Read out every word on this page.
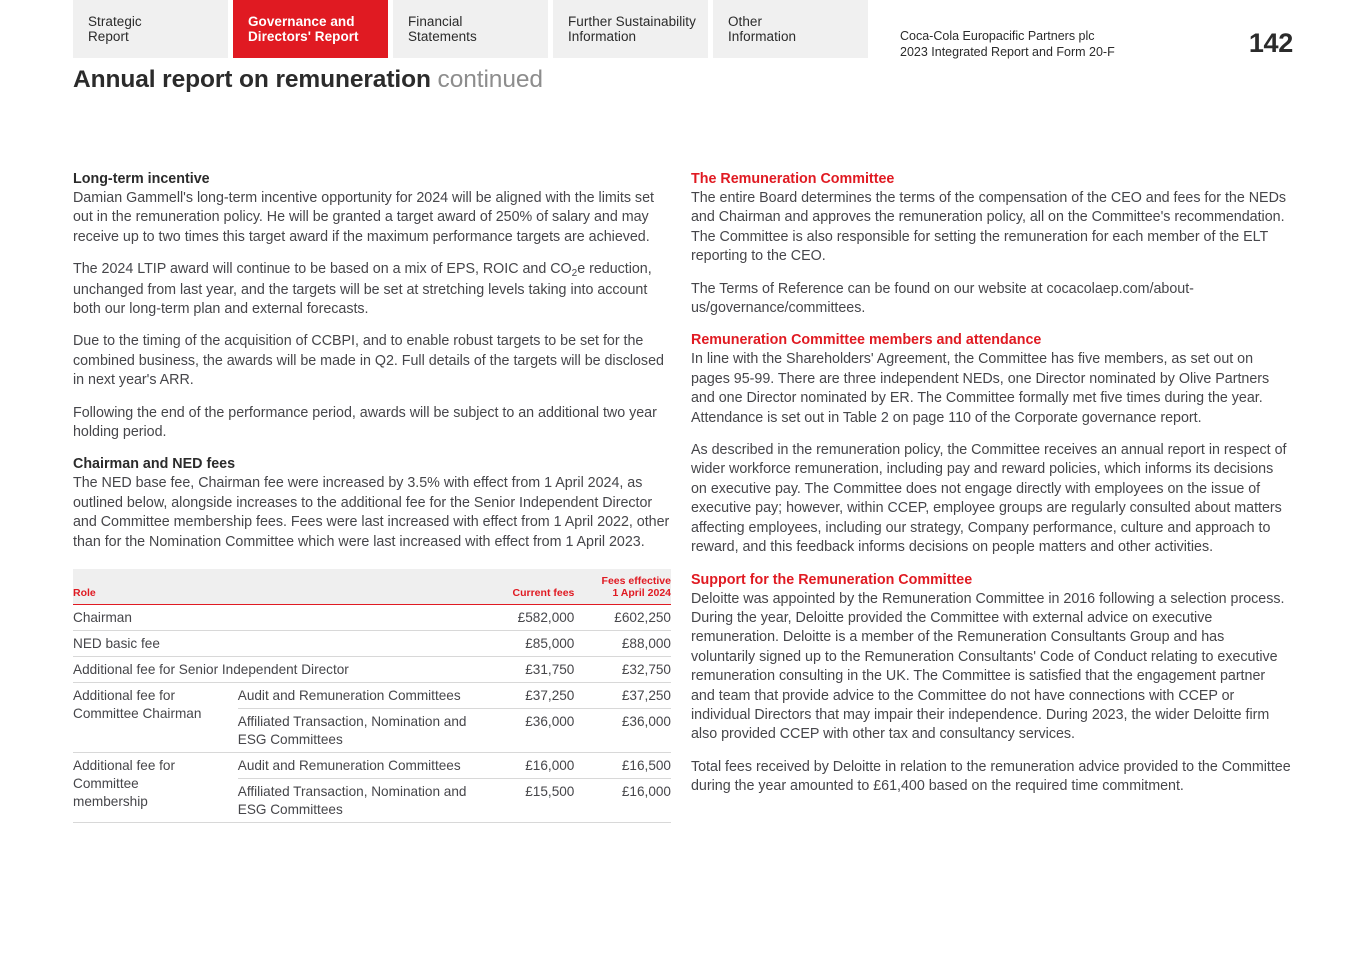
Strategic
Report
Governance and
Directors' Report
Financial
Statements
Further Sustainability
Information
Other
Information	Coca-Cola Europacific Partners plc
2023 Integrated Report and Form 20-F	142
Annual report on remuneration continued
Long-term incentive

Damian Gammell's long-term incentive opportunity for 2024 will be aligned with the limits set out in the remuneration policy. He will be granted a target award of 250% of salary and may receive up to two times this target award if the maximum performance targets are achieved.

The 2024 LTIP award will continue to be based on a mix of EPS, ROIC and $CO_2e$ reduction, unchanged from last year, and the targets will be set at stretching levels taking into account both our long-term plan and external forecasts.

Due to the timing of the acquisition of CCBPI, and to enable robust targets to be set for the combined business, the awards will be made in Q2. Full details of the targets will be disclosed in next year's ARR.

Following the end of the performance period, awards will be subject to an additional two year holding period.

Chairman and NED fees

The NED base fee, Chairman fee were increased by 3.5% with effect from 1 April 2024, as outlined below, alongside increases to the additional fee for the Senior Independent Director and Committee membership fees. Fees were last increased with effect from 1 April 2022, other than for the Nomination Committee which were last increased with effect from 1 April 2023.

Role		Current fees	Fees effective
1 April 2024

Chairman		£582,000	£602,250
NED basic fee		£85,000	£88,000
Additional fee for Senior Independent Director		£31,750	£32,750

Additional fee for
Committee Chairman	Audit and Remuneration Committees	£37,250	£37,250

	Affiliated Transaction, Nomination and
ESG Committees	£36,000	£36,000

Additional fee for
Committee
membership	Audit and Remuneration Committees	£16,000	£16,500

	Affiliated Transaction, Nomination and
ESG Committees	£15,500	£16,000
The Remuneration Committee

The entire Board determines the terms of the compensation of the CEO and fees for the NEDs and Chairman and approves the remuneration policy, all on the Committee's recommendation. The Committee is also responsible for setting the remuneration for each member of the ELT reporting to the CEO.

The Terms of Reference can be found on our website at cocacolaep.com/about-us/governance/committees.

Remuneration Committee members and attendance

In line with the Shareholders' Agreement, the Committee has five members, as set out on pages 95-99. There are three independent NEDs, one Director nominated by Olive Partners and one Director nominated by ER. The Committee formally met five times during the year. Attendance is set out in Table 2 on page 110 of the Corporate governance report.

As described in the remuneration policy, the Committee receives an annual report in respect of wider workforce remuneration, including pay and reward policies, which informs its decisions on executive pay. The Committee does not engage directly with employees on the issue of executive pay; however, within CCEP, employee groups are regularly consulted about matters affecting employees, including our strategy, Company performance, culture and approach to reward, and this feedback informs decisions on people matters and other activities.

Support for the Remuneration Committee

Deloitte was appointed by the Remuneration Committee in 2016 following a selection process. During the year, Deloitte provided the Committee with external advice on executive remuneration. Deloitte is a member of the Remuneration Consultants Group and has voluntarily signed up to the Remuneration Consultants' Code of Conduct relating to executive remuneration consulting in the UK. The Committee is satisfied that the engagement partner and team that provide advice to the Committee do not have connections with CCEP or individual Directors that may impair their independence. During 2023, the wider Deloitte firm also provided CCEP with other tax and consultancy services.

Total fees received by Deloitte in relation to the remuneration advice provided to the Committee during the year amounted to £61,400 based on the required time commitment.
